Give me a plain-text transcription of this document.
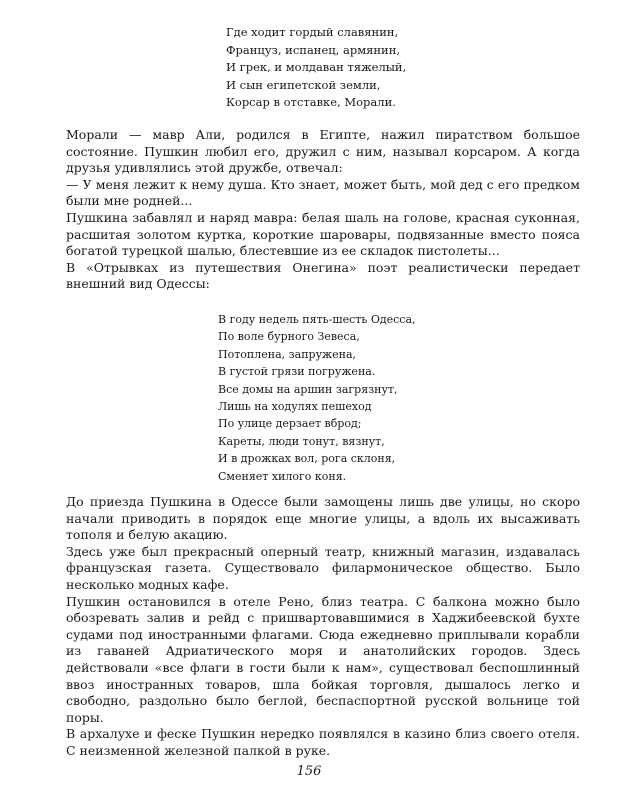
Где ходит гордый славянин,
Француз, испанец, армянин,
И грек, и молдаван тяжелый,
И сын египетской земли,
Корсар в отставке, Морали.

Морали — мавр Али, родился в Египте, нажил пиратством большое состояние. Пушкин любил его, дружил с ним, называл корсаром. А когда друзья удивлялись этой дружбе, отвечал:

— У меня лежит к нему душа. Кто знает, может быть, мой дед с его предком были мне родней...

Пушкина забавлял и наряд мавра: белая шаль на голове, красная суконная, расшитая золотом куртка, короткие шаровары, подвязанные вместо пояса богатой турецкой шалью, блестевшие из ее складок пистолеты...

В «Отрывках из путешествия Онегина» поэт реалистически передает внешний вид Одессы:

В году недель пять-шесть Одесса,
По воле бурного Зевеса,
Потоплена, запружена,
В густой грязи погружена.
Все домы на аршин загрязнут,
Лишь на ходулях пешеход
По улице дерзает вброд;
Кареты, люди тонут, вязнут,
И в дрожках вол, рога склоня,
Сменяет хилого коня.

До приезда Пушкина в Одессе были замощены лишь две улицы, но скоро начали приводить в порядок еще многие улицы, а вдоль их высаживать тополя и белую акацию.

Здесь уже был прекрасный оперный театр, книжный магазин, издавалась французская газета. Существовало филармоническое общество. Было несколько модных кафе.

Пушкин остановился в отеле Рено, близ театра. С балкона можно было обозревать залив и рейд с пришвартовавшимися в Хаджибеевской бухте судами под иностранными флагами. Сюда ежедневно приплывали корабли из гаваней Адриатического моря и анатолийских городов. Здесь действовали «все флаги в гости были к нам», существовал беспошлинный ввоз иностранных товаров, шла бойкая торговля, дышалось легко и свободно, раздольно было беглой, беспаспортной русской вольнице той поры.

В архалухе и феске Пушкин нередко появлялся в казино близ своего отеля. С неизменной железной палкой в руке.

156
